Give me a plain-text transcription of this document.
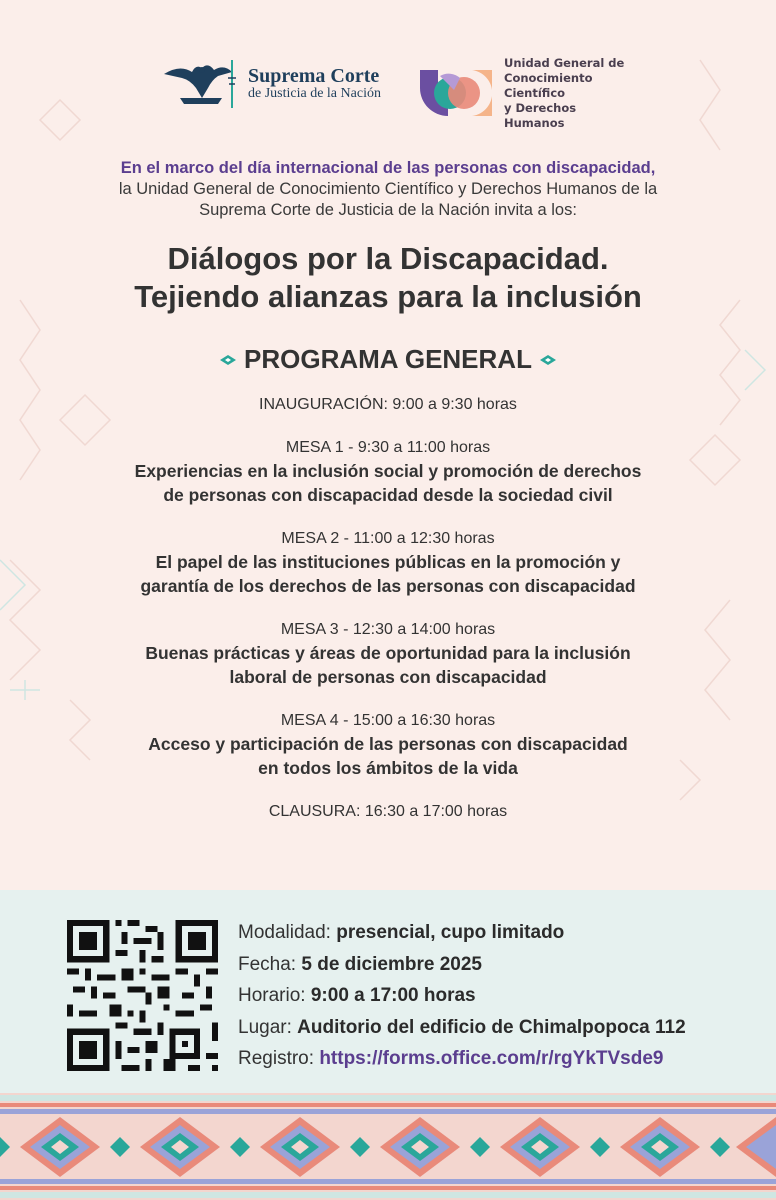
Suprema Corte
de Justicia de la Nación
Unidad General de
Conocimiento Científico
y Derechos Humanos
En el marco del día internacional de las personas con discapacidad,
la Unidad General de Conocimiento Científico y Derechos Humanos de la
Suprema Corte de Justicia de la Nación invita a los:
Diálogos por la Discapacidad.
Tejiendo alianzas para la inclusión
PROGRAMA GENERAL
INAUGURACIÓN: 9:00 a 9:30 horas
MESA 1 - 9:30 a 11:00 horas
Experiencias en la inclusión social y promoción de derechos
de personas con discapacidad desde la sociedad civil
MESA 2 - 11:00 a 12:30 horas
El papel de las instituciones públicas en la promoción y
garantía de los derechos de las personas con discapacidad
MESA 3 - 12:30 a 14:00 horas
Buenas prácticas y áreas de oportunidad para la inclusión
laboral de personas con discapacidad
MESA 4 - 15:00 a 16:30 horas
Acceso y participación de las personas con discapacidad
en todos los ámbitos de la vida
CLAUSURA: 16:30 a 17:00 horas
Modalidad: presencial, cupo limitado
Fecha: 5 de diciembre 2025
Horario: 9:00 a 17:00 horas
Lugar: Auditorio del edificio de Chimalpopoca 112
Registro: https://forms.office.com/r/rgYkTVsde9
